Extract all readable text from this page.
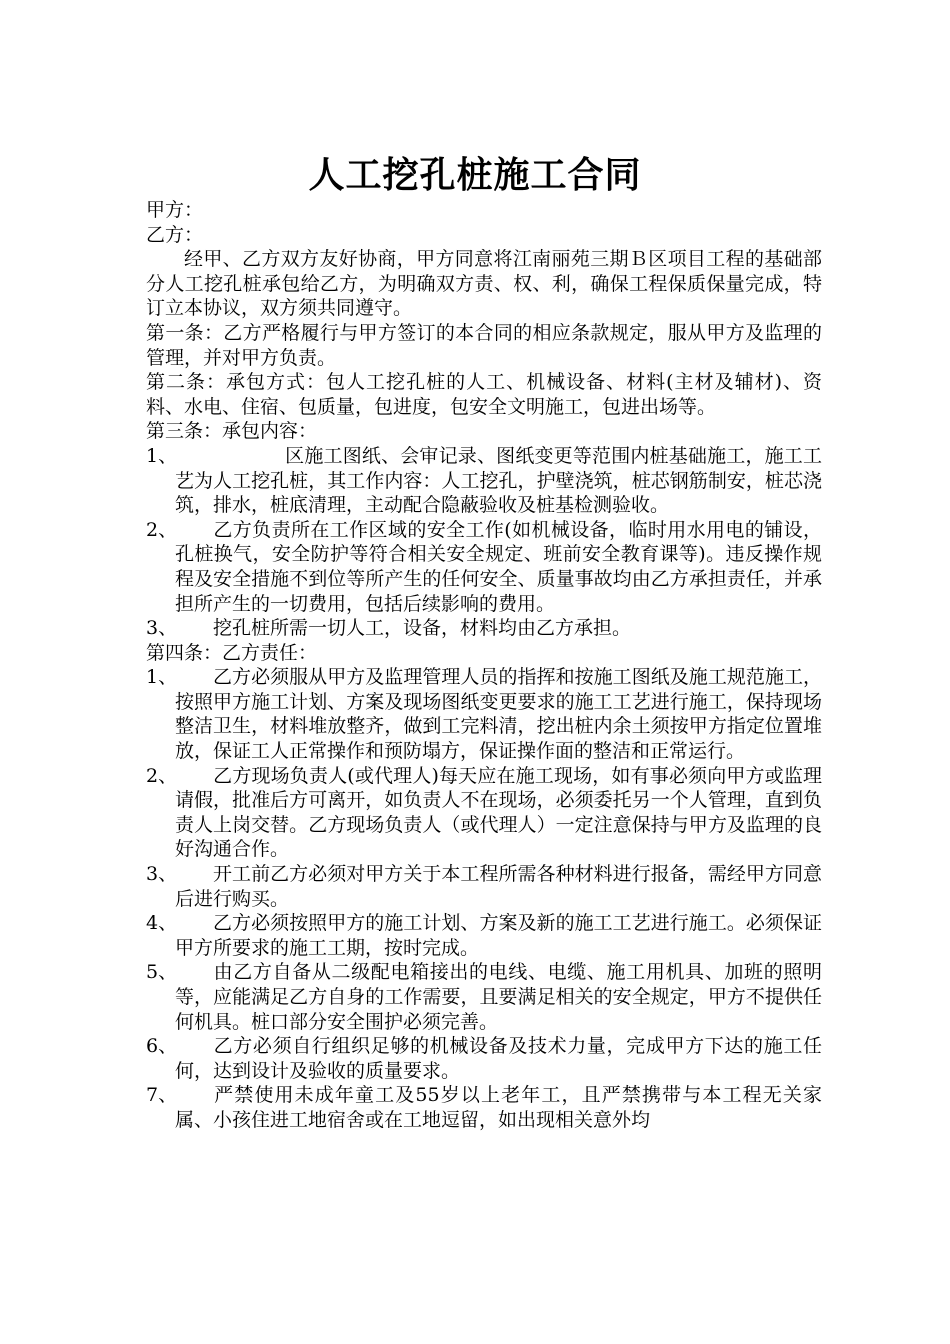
人工挖孔桩施工合同

甲方：

乙方：

经甲、乙方双方友好协商，甲方同意将江南丽苑三期Ｂ区项目工程的基础部分人工挖孔桩承包给乙方，为明确双方责、权、利，确保工程保质保量完成，特订立本协议，双方须共同遵守。

第一条：乙方严格履行与甲方签订的本合同的相应条款规定，服从甲方及监理的管理，并对甲方负责。

第二条：承包方式：包人工挖孔桩的人工、机械设备、材料(主材及辅材)、资料、水电、住宿、包质量，包进度，包安全文明施工，包进出场等。

第三条：承包内容：

1、	区施工图纸、会审记录、图纸变更等范围内桩基础施工，施工工艺为人工挖孔桩，其工作内容：人工挖孔，护壁浇筑，桩芯钢筋制安，桩芯浇筑，排水，桩底清理，主动配合隐蔽验收及桩基检测验收。
2、	乙方负责所在工作区域的安全工作(如机械设备，临时用水用电的铺设，孔桩换气，安全防护等符合相关安全规定、班前安全教育课等)。违反操作规程及安全措施不到位等所产生的任何安全、质量事故均由乙方承担责任，并承担所产生的一切费用，包括后续影响的费用。
3、	挖孔桩所需一切人工，设备，材料均由乙方承担。

第四条：乙方责任：

1、	乙方必须服从甲方及监理管理人员的指挥和按施工图纸及施工规范施工，按照甲方施工计划、方案及现场图纸变更要求的施工工艺进行施工，保持现场整洁卫生，材料堆放整齐，做到工完料清，挖出桩内余土须按甲方指定位置堆放，保证工人正常操作和预防塌方，保证操作面的整洁和正常运行。
2、	乙方现场负责人(或代理人)每天应在施工现场，如有事必须向甲方或监理请假，批准后方可离开，如负责人不在现场，必须委托另一个人管理，直到负责人上岗交替。乙方现场负责人（或代理人）一定注意保持与甲方及监理的良好沟通合作。
3、	开工前乙方必须对甲方关于本工程所需各种材料进行报备，需经甲方同意后进行购买。
4、	乙方必须按照甲方的施工计划、方案及新的施工工艺进行施工。必须保证甲方所要求的施工工期，按时完成。
5、	由乙方自备从二级配电箱接出的电线、电缆、施工用机具、加班的照明等，应能满足乙方自身的工作需要，且要满足相关的安全规定，甲方不提供任何机具。桩口部分安全围护必须完善。
6、	乙方必须自行组织足够的机械设备及技术力量，完成甲方下达的施工任何，达到设计及验收的质量要求。
7、	严禁使用未成年童工及55岁以上老年工，且严禁携带与本工程无关家属、小孩住进工地宿舍或在工地逗留，如出现相关意外均
